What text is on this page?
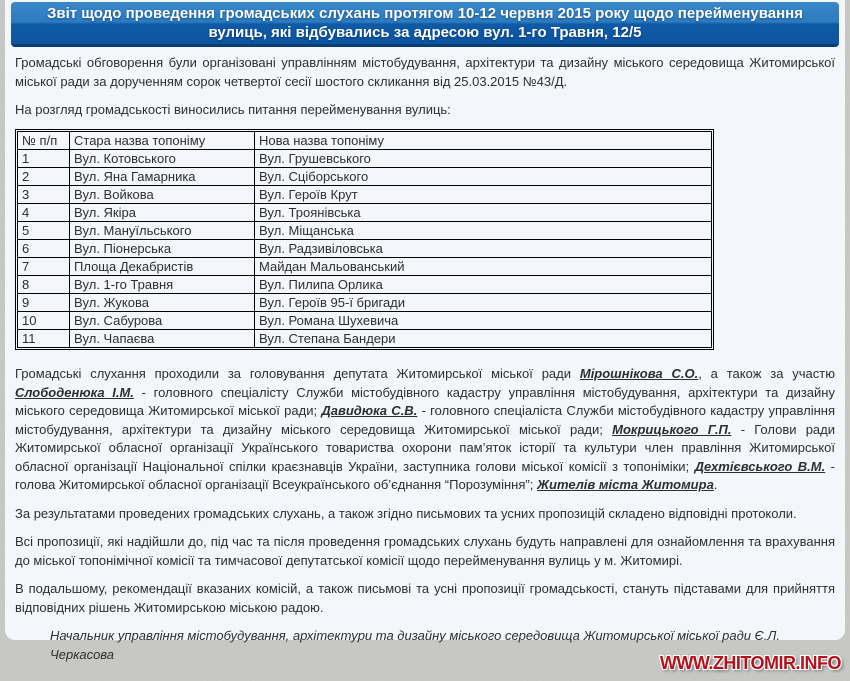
Звіт щодо проведення громадських слухань протягом 10-12 червня 2015 року щодо перейменування вулиць, які відбувались за адресою вул. 1-го Травня, 12/5

Громадські обговорення були організовані управлінням містобудування, архітектури та дизайну міського середовища Житомирської міської ради за дорученням сорок четвертої сесії шостого скликання від 25.03.2015 №43/Д.

На розгляд громадськості виносились питання перейменування вулиць:

№ п/п	Стара назва топоніму	Нова назва топоніму
1	Вул. Котовського	Вул. Грушевського
2	Вул. Яна Гамарника	Вул. Сціборського
3	Вул. Войкова	Вул. Героїв Крут
4	Вул. Якіра	Вул. Троянівська
5	Вул. Мануїльського	Вул. Міщанська
6	Вул. Піонерська	Вул. Радзивіловська
7	Площа Декабристів	Майдан Мальованський
8	Вул. 1-го Травня	Вул. Пилипа Орлика
9	Вул. Жукова	Вул. Героїв 95-ї бригади
10	Вул. Сабурова	Вул. Романа Шухевича
11	Вул. Чапаєва	Вул. Степана Бандери

Громадські слухання проходили за головування депутата Житомирської міської ради Мірошнікова С.О., а також за участю Слободенюка І.М. - головного спеціалісту Служби містобудівного кадастру управління містобудування, архітектури та дизайну міського середовища Житомирської міської ради; Давидюка С.В. - головного спеціаліста Служби містобудівного кадастру управління містобудування, архітектури та дизайну міського середовища Житомирської міської ради; Мокрицького Г.П. - Голови ради Житомирської обласної організації Українського товариства охорони пам’яток історії та культури член правління Житомирської обласної організації Національної спілки краєзнавців України, заступника голови міської комісії з топоніміки; Дехтієвського В.М. - голова Житомирської обласної організації Всеукраїнського об’єднання “Порозуміння”; Жителів міста Житомира.

За результатами проведених громадських слухань, а також згідно письмових та усних пропозицій складено відповідні протоколи.

Всі пропозиції, які надійшли до, під час та після проведення громадських слухань будуть направлені для ознайомлення та врахування до міської топонімічної комісії та тимчасової депутатської комісії щодо перейменування вулиць у м. Житомирі.

В подальшому, рекомендації вказаних комісій, а також письмові та усні пропозиції громадськості, стануть підставами для прийняття відповідних рішень Житомирською міською радою.

Начальник управління містобудування, архітектури та дизайну міського середовища Житомирської міської ради Є.Л. Черкасова	WWW.ZHITOMIR.INFO
